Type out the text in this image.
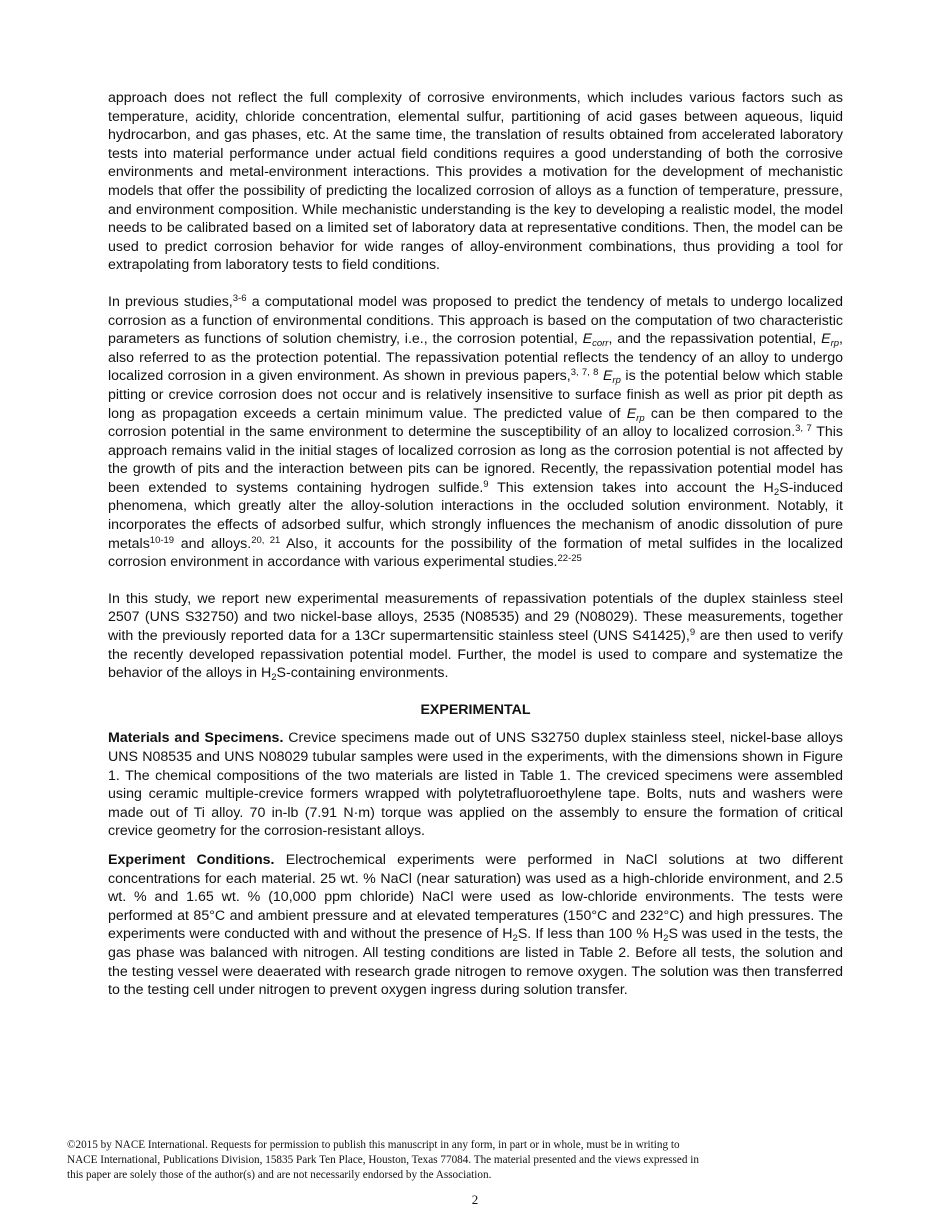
approach does not reflect the full complexity of corrosive environments, which includes various factors such as temperature, acidity, chloride concentration, elemental sulfur, partitioning of acid gases between aqueous, liquid hydrocarbon, and gas phases, etc. At the same time, the translation of results obtained from accelerated laboratory tests into material performance under actual field conditions requires a good understanding of both the corrosive environments and metal-environment interactions. This provides a motivation for the development of mechanistic models that offer the possibility of predicting the localized corrosion of alloys as a function of temperature, pressure, and environment composition. While mechanistic understanding is the key to developing a realistic model, the model needs to be calibrated based on a limited set of laboratory data at representative conditions. Then, the model can be used to predict corrosion behavior for wide ranges of alloy-environment combinations, thus providing a tool for extrapolating from laboratory tests to field conditions.

In previous studies,$^{3-6}$ a computational model was proposed to predict the tendency of metals to undergo localized corrosion as a function of environmental conditions. This approach is based on the computation of two characteristic parameters as functions of solution chemistry, i.e., the corrosion potential, $E_{corr}$, and the repassivation potential, $E_{rp}$, also referred to as the protection potential. The repassivation potential reflects the tendency of an alloy to undergo localized corrosion in a given environment. As shown in previous papers,$^{3, 7, 8}$ $E_{rp}$ is the potential below which stable pitting or crevice corrosion does not occur and is relatively insensitive to surface finish as well as prior pit depth as long as propagation exceeds a certain minimum value. The predicted value of $E_{rp}$ can be then compared to the corrosion potential in the same environment to determine the susceptibility of an alloy to localized corrosion.$^{3, 7}$ This approach remains valid in the initial stages of localized corrosion as long as the corrosion potential is not affected by the growth of pits and the interaction between pits can be ignored. Recently, the repassivation potential model has been extended to systems containing hydrogen sulfide.$^9$ This extension takes into account the $H_2S$-induced phenomena, which greatly alter the alloy-solution interactions in the occluded solution environment. Notably, it incorporates the effects of adsorbed sulfur, which strongly influences the mechanism of anodic dissolution of pure metals$^{10-19}$ and alloys.$^{20, 21}$ Also, it accounts for the possibility of the formation of metal sulfides in the localized corrosion environment in accordance with various experimental studies.$^{22-25}$

In this study, we report new experimental measurements of repassivation potentials of the duplex stainless steel 2507 (UNS S32750) and two nickel-base alloys, 2535 (N08535) and 29 (N08029). These measurements, together with the previously reported data for a 13Cr supermartensitic stainless steel (UNS S41425),$^9$ are then used to verify the recently developed repassivation potential model. Further, the model is used to compare and systematize the behavior of the alloys in $H_2S$-containing environments.

EXPERIMENTAL

Materials and Specimens. Crevice specimens made out of UNS S32750 duplex stainless steel, nickel-base alloys UNS N08535 and UNS N08029 tubular samples were used in the experiments, with the dimensions shown in Figure 1. The chemical compositions of the two materials are listed in Table 1. The creviced specimens were assembled using ceramic multiple-crevice formers wrapped with polytetrafluoroethylene tape. Bolts, nuts and washers were made out of Ti alloy. 70 in-lb (7.91 N·m) torque was applied on the assembly to ensure the formation of critical crevice geometry for the corrosion-resistant alloys.

Experiment Conditions. Electrochemical experiments were performed in NaCl solutions at two different concentrations for each material. 25 wt. % NaCl (near saturation) was used as a high-chloride environment, and 2.5 wt. % and 1.65 wt. % (10,000 ppm chloride) NaCl were used as low-chloride environments. The tests were performed at 85°C and ambient pressure and at elevated temperatures (150°C and 232°C) and high pressures. The experiments were conducted with and without the presence of $H_2S$. If less than 100 % $H_2S$ was used in the tests, the gas phase was balanced with nitrogen. All testing conditions are listed in Table 2. Before all tests, the solution and the testing vessel were deaerated with research grade nitrogen to remove oxygen. The solution was then transferred to the testing cell under nitrogen to prevent oxygen ingress during solution transfer.

©2015 by NACE International. Requests for permission to publish this manuscript in any form, in part or in whole, must be in writing to

NACE International, Publications Division, 15835 Park Ten Place, Houston, Texas 77084. The material presented and the views expressed in

this paper are solely those of the author(s) and are not necessarily endorsed by the Association.

2
